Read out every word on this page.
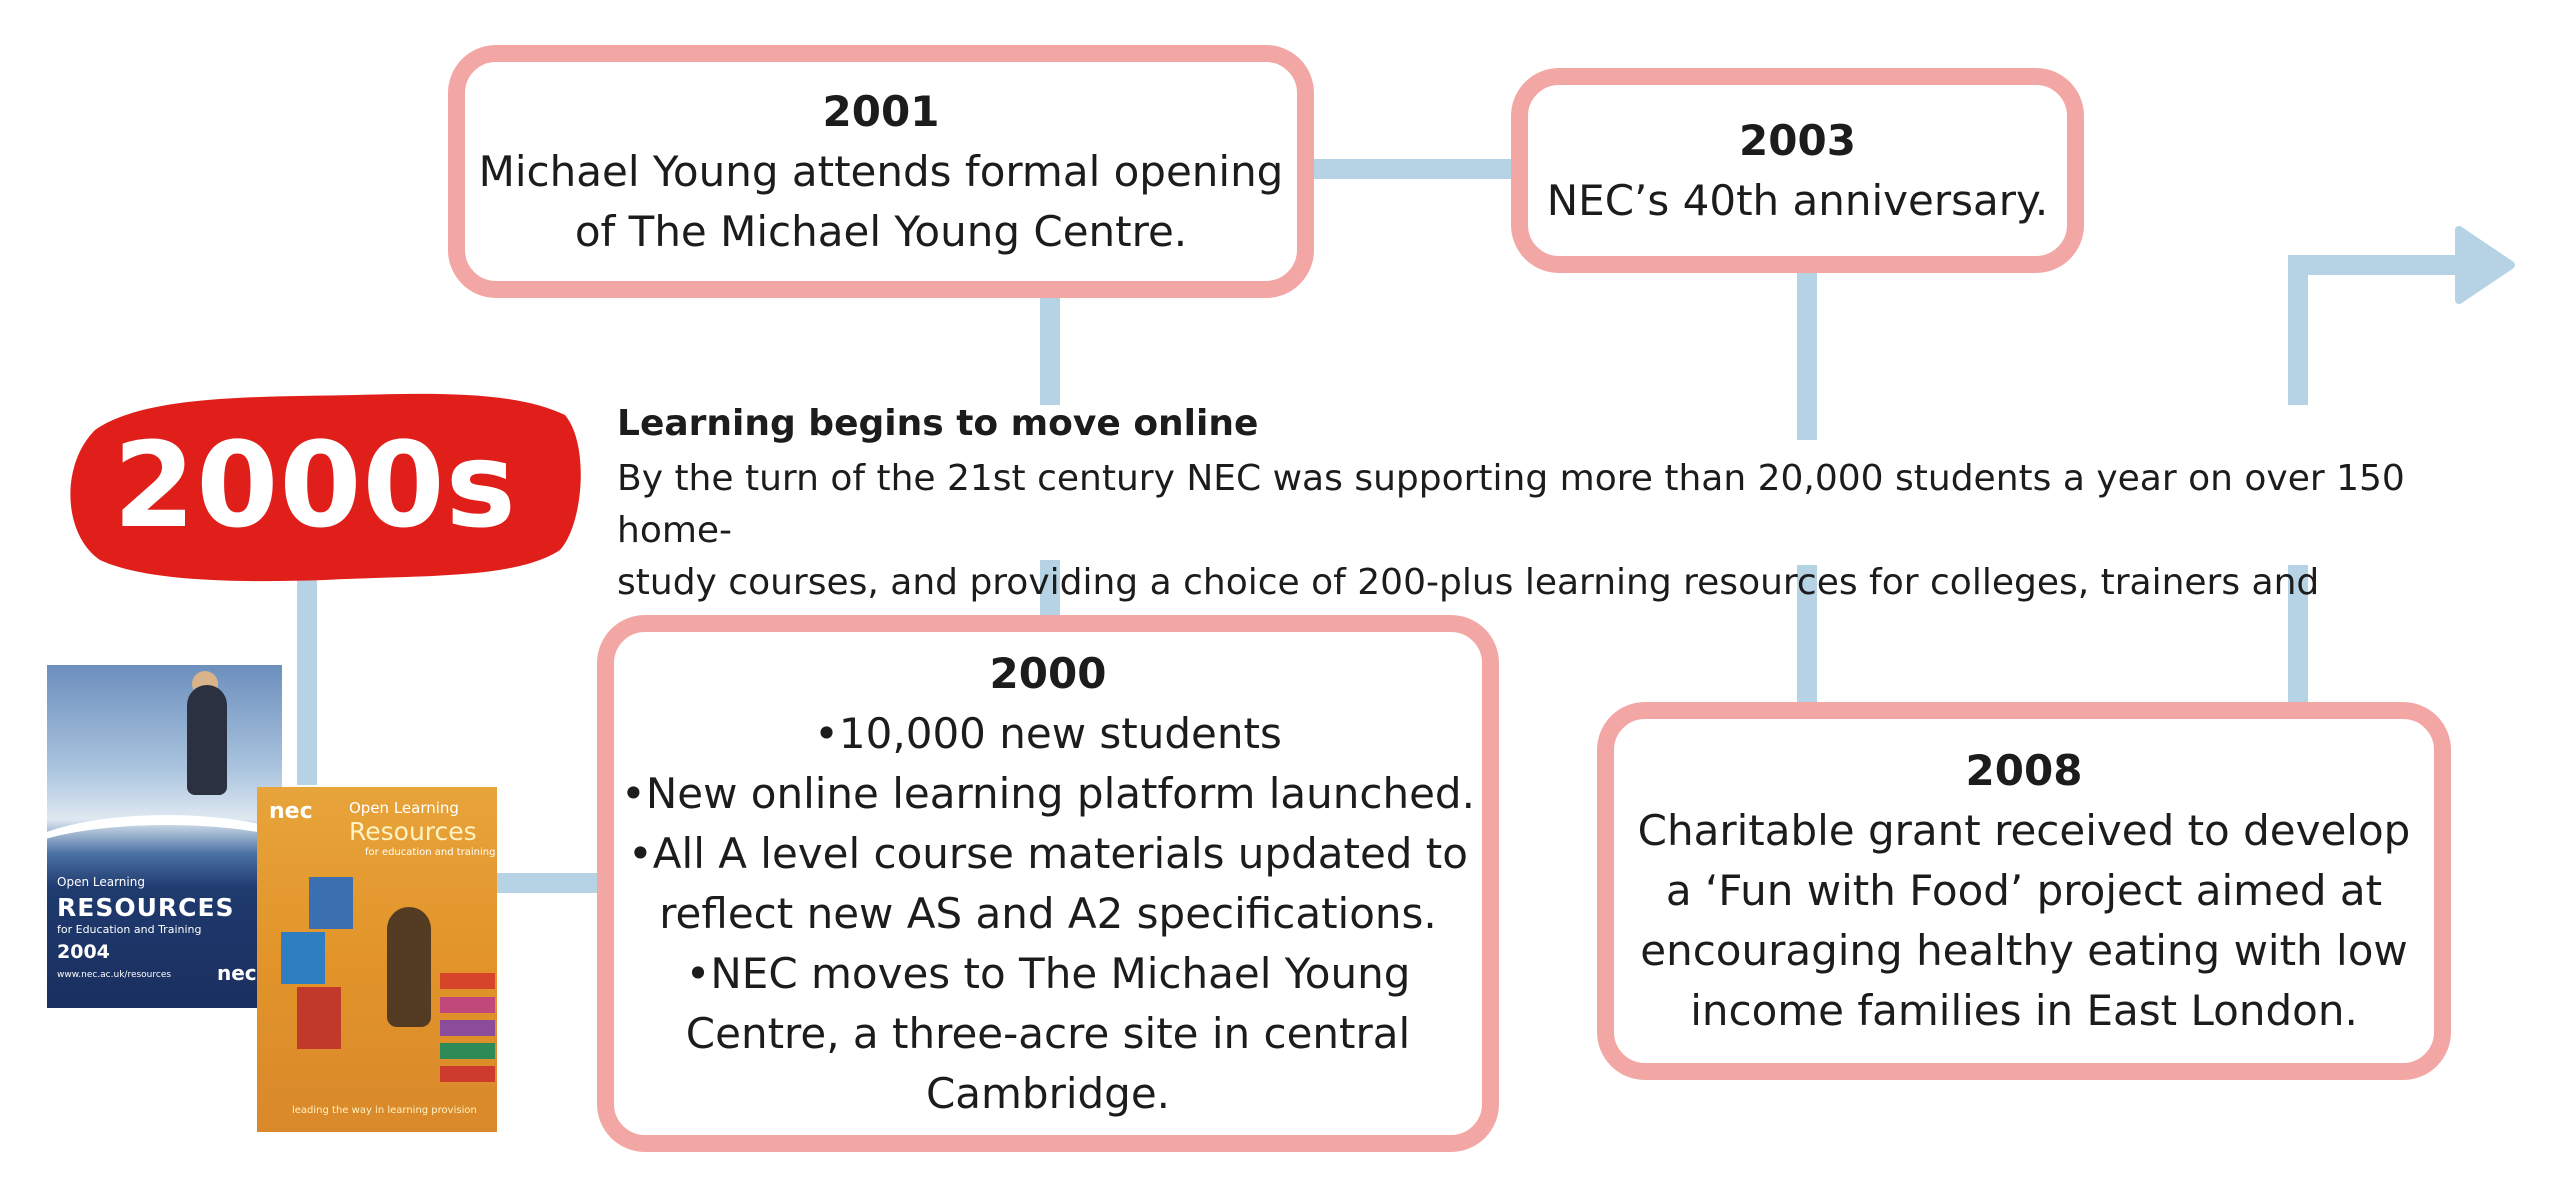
2000s	Learning begins to move online
By the turn of the 21st century NEC was supporting more than 20,000 students a year on over 150 home-
study courses, and providing a choice of 200-plus learning resources for colleges, trainers and
2001
Michael Young attends formal opening
of The Michael Young Centre.
2003
NEC’s 40th anniversary.
2000
• 10,000 new students
• New online learning platform launched.
• All A level course materials updated to
reflect new AS and A2 specifications.
• NEC moves to The Michael Young
Centre, a three-acre site in central
Cambridge.
2008
Charitable grant received to develop
a ‘Fun with Food’ project aimed at
encouraging healthy eating with low
income families in East London.
Open Learning
RESOURCES
for Education and Training
2004
www.nec.ac.uk/resources nec
nec Open Learning
Resources
for education and training
leading the way in learning provision
